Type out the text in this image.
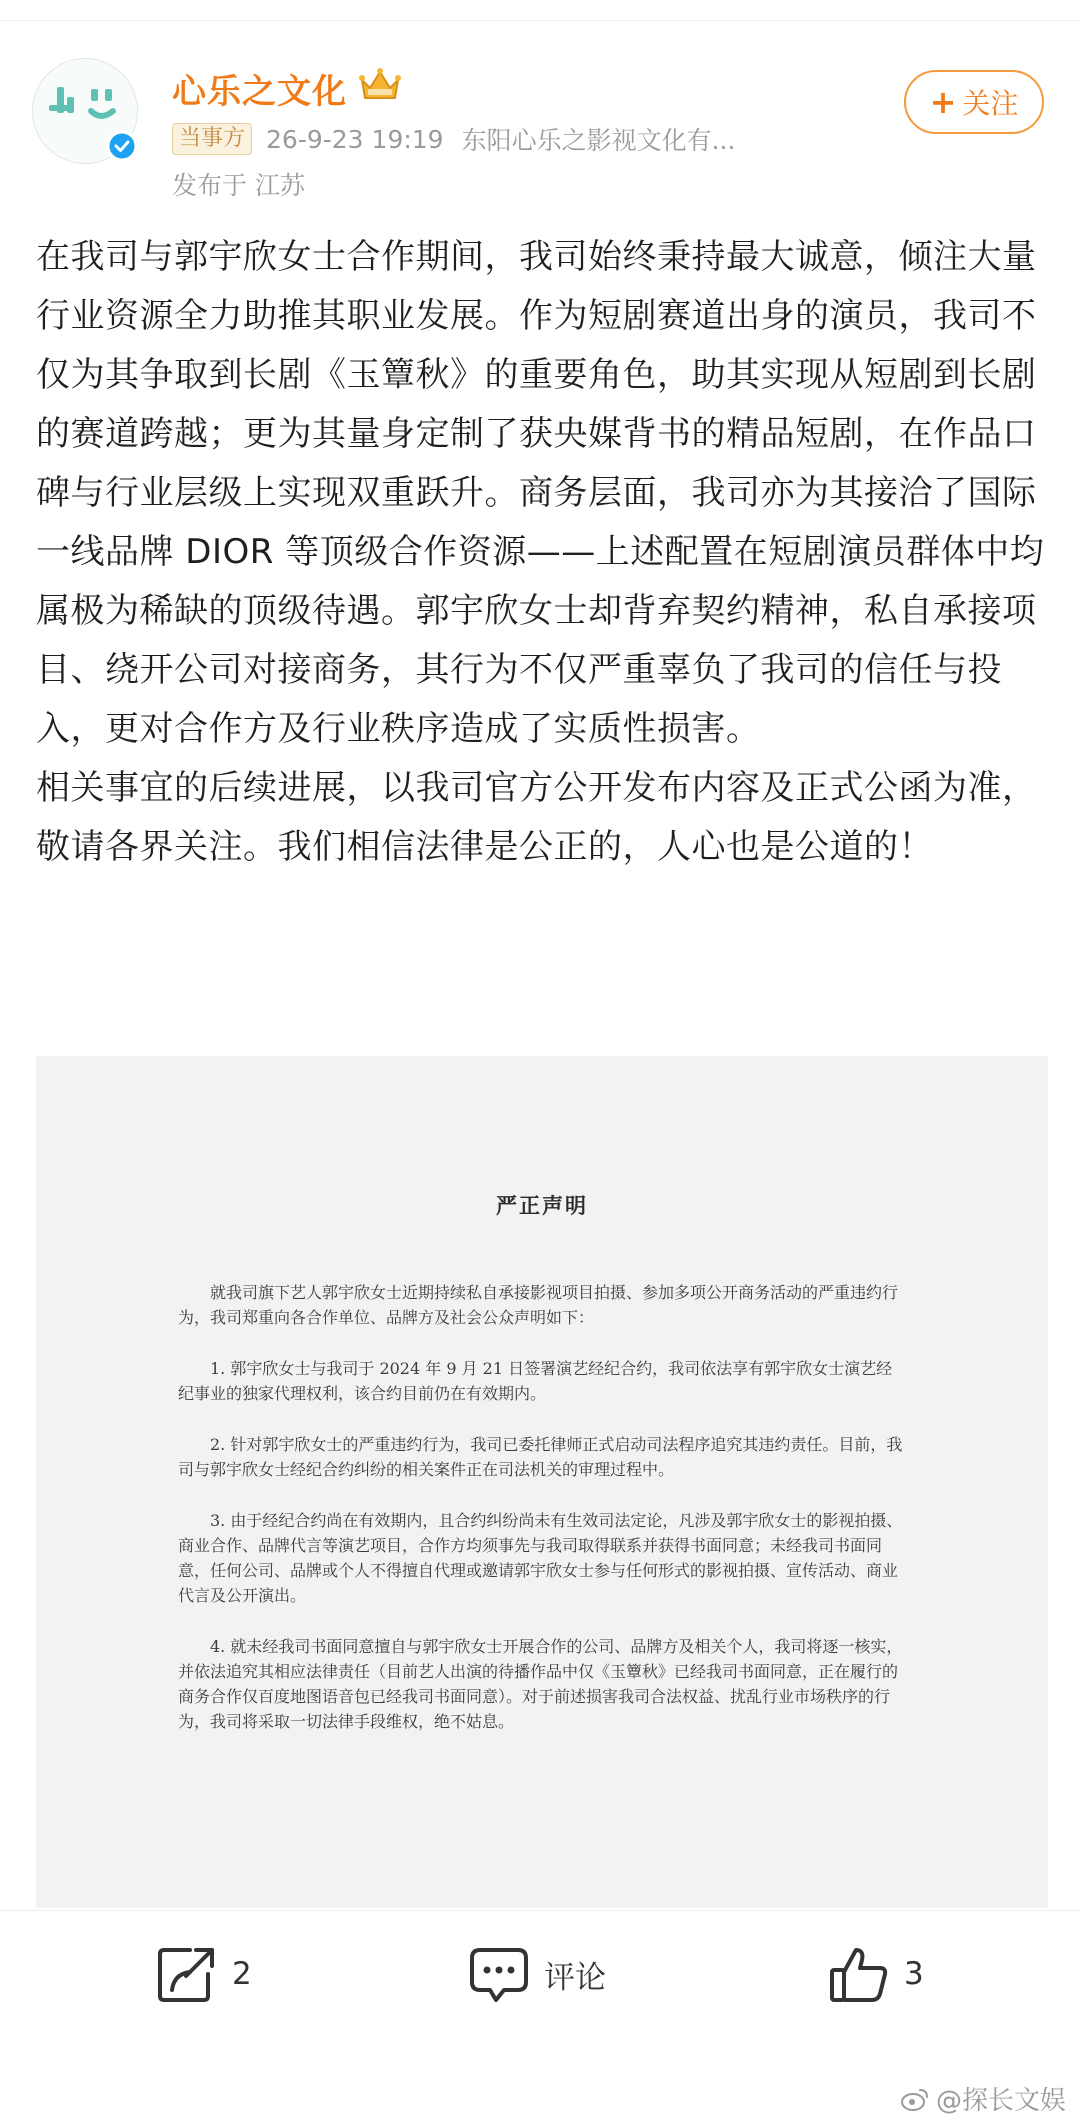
心乐之文化
当事方 26-9-23 19:19 东阳心乐之影视文化有...
发布于 江苏
+ 关注

在我司与郭宇欣女士合作期间，我司始终秉持最大诚意，倾注大量行业资源全力助推其职业发展。作为短剧赛道出身的演员，我司不仅为其争取到长剧《玉簟秋》的重要角色，助其实现从短剧到长剧的赛道跨越；更为其量身定制了获央媒背书的精品短剧，在作品口碑与行业层级上实现双重跃升。商务层面，我司亦为其接洽了国际一线品牌 DIOR 等顶级合作资源——上述配置在短剧演员群体中均属极为稀缺的顶级待遇。郭宇欣女士却背弃契约精神，私自承接项目、绕开公司对接商务，其行为不仅严重辜负了我司的信任与投入，更对合作方及行业秩序造成了实质性损害。

相关事宜的后续进展，以我司官方公开发布内容及正式公函为准，敬请各界关注。我们相信法律是公正的，人心也是公道的！

严正声明

就我司旗下艺人郭宇欣女士近期持续私自承接影视项目拍摄、参加多项公开商务活动的严重违约行为，我司郑重向各合作单位、品牌方及社会公众声明如下：

1. 郭宇欣女士与我司于 2024 年 9 月 21 日签署演艺经纪合约，我司依法享有郭宇欣女士演艺经纪事业的独家代理权利，该合约目前仍在有效期内。

2. 针对郭宇欣女士的严重违约行为，我司已委托律师正式启动司法程序追究其违约责任。目前，我司与郭宇欣女士经纪合约纠纷的相关案件正在司法机关的审理过程中。

3. 由于经纪合约尚在有效期内，且合约纠纷尚未有生效司法定论，凡涉及郭宇欣女士的影视拍摄、商业合作、品牌代言等演艺项目，合作方均须事先与我司取得联系并获得书面同意；未经我司书面同意，任何公司、品牌或个人不得擅自代理或邀请郭宇欣女士参与任何形式的影视拍摄、宣传活动、商业代言及公开演出。

4. 就未经我司书面同意擅自与郭宇欣女士开展合作的公司、品牌方及相关个人，我司将逐一核实，并依法追究其相应法律责任（目前艺人出演的待播作品中仅《玉簟秋》已经我司书面同意，正在履行的商务合作仅百度地图语音包已经我司书面同意）。对于前述损害我司合法权益、扰乱行业市场秩序的行为，我司将采取一切法律手段维权，绝不姑息。

2	评论	3
@探长文娱
